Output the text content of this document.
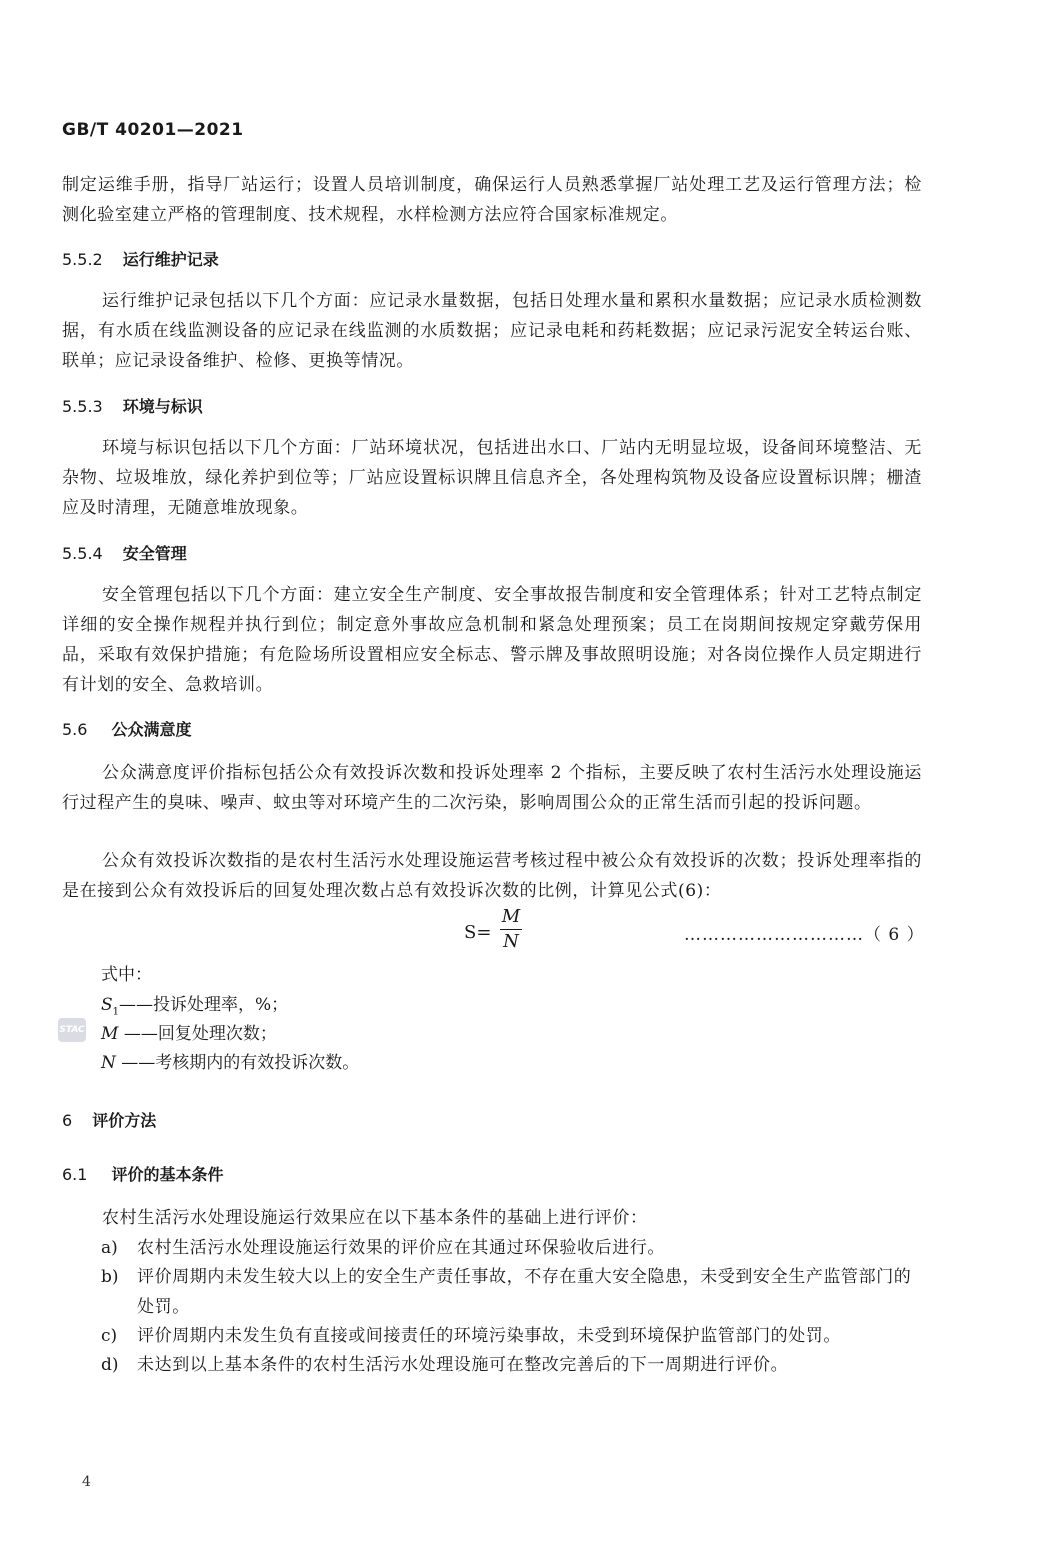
GB/T 40201—2021

制定运维手册，指导厂站运行；设置人员培训制度，确保运行人员熟悉掌握厂站处理工艺及运行管理方法；检测化验室建立严格的管理制度、技术规程，水样检测方法应符合国家标准规定。

5.5.2 运行维护记录

运行维护记录包括以下几个方面：应记录水量数据，包括日处理水量和累积水量数据；应记录水质检测数据，有水质在线监测设备的应记录在线监测的水质数据；应记录电耗和药耗数据；应记录污泥安全转运台账、联单；应记录设备维护、检修、更换等情况。

5.5.3 环境与标识

环境与标识包括以下几个方面：厂站环境状况，包括进出水口、厂站内无明显垃圾，设备间环境整洁、无杂物、垃圾堆放，绿化养护到位等；厂站应设置标识牌且信息齐全，各处理构筑物及设备应设置标识牌；栅渣应及时清理，无随意堆放现象。

5.5.4 安全管理

安全管理包括以下几个方面：建立安全生产制度、安全事故报告制度和安全管理体系；针对工艺特点制定详细的安全操作规程并执行到位；制定意外事故应急机制和紧急处理预案；员工在岗期间按规定穿戴劳保用品，采取有效保护措施；有危险场所设置相应安全标志、警示牌及事故照明设施；对各岗位操作人员定期进行有计划的安全、急救培训。

5.6 公众满意度

公众满意度评价指标包括公众有效投诉次数和投诉处理率 2 个指标，主要反映了农村生活污水处理设施运行过程产生的臭味、噪声、蚊虫等对环境产生的二次污染，影响周围公众的正常生活而引起的投诉问题。

公众有效投诉次数指的是农村生活污水处理设施运营考核过程中被公众有效投诉的次数；投诉处理率指的是在接到公众有效投诉后的回复处理次数占总有效投诉次数的比例，计算见公式(6)：

S=
M
N	…………………………（ 6 ）
式中：
$S_1——$投诉处理率，%；
M ——回复处理次数；
N ——考核期内的有效投诉次数。
STAC
6 评价方法
6.1 评价的基本条件

农村生活污水处理设施运行效果应在以下基本条件的基础上进行评价：

a)	农村生活污水处理设施运行效果的评价应在其通过环保验收后进行。
b)	评价周期内未发生较大以上的安全生产责任事故，不存在重大安全隐患，未受到安全生产监管部门的处罚。
c)	评价周期内未发生负有直接或间接责任的环境污染事故，未受到环境保护监管部门的处罚。
d)	未达到以上基本条件的农村生活污水处理设施可在整改完善后的下一周期进行评价。
4
